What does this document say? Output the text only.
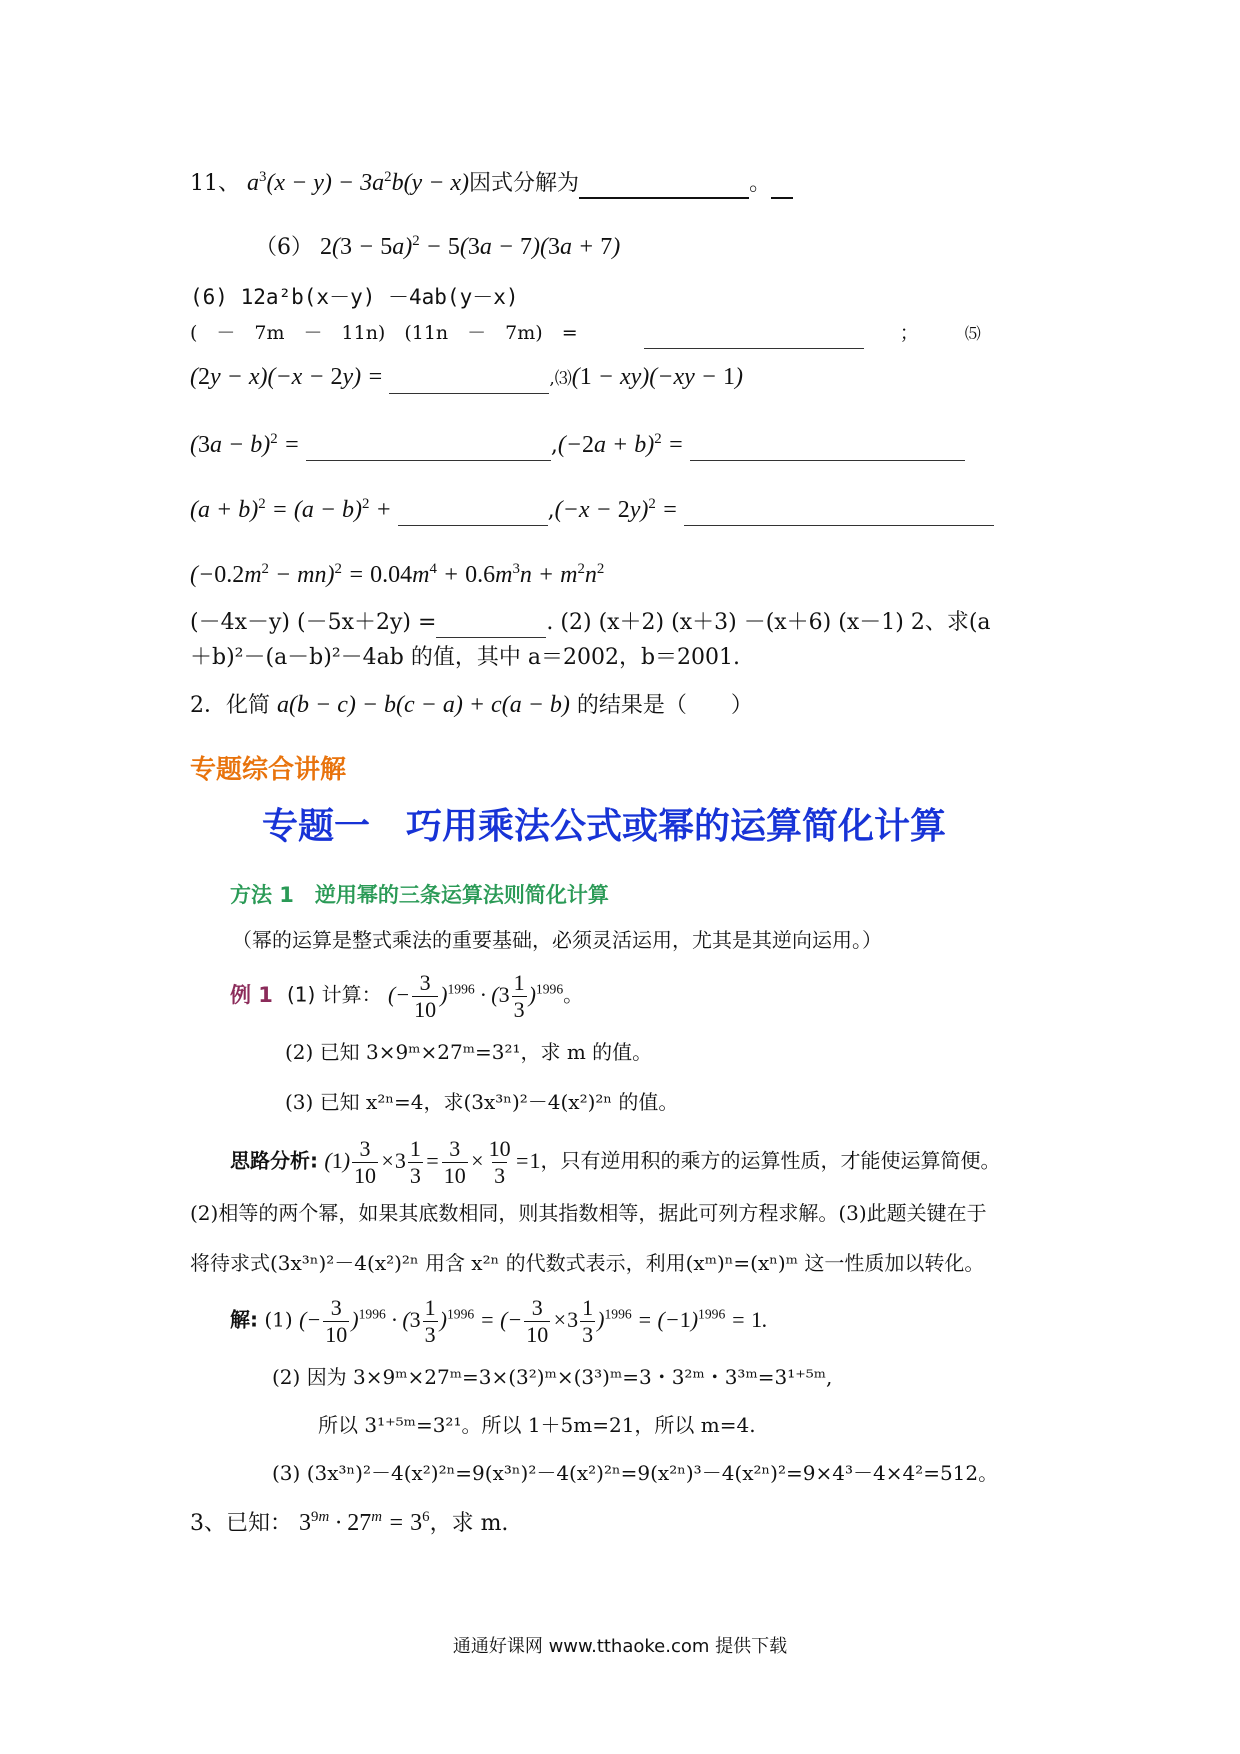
11、 $a^3(x - y) - 3a^2b(y - x)$因式分解为	。
（6） $2(3 - 5a)^2 - 5(3a - 7)(3a + 7)$
(6) 12a²b(x－y) －4ab(y－x)
(　－　7m　－　11n)　(11n　－　7m)　=	；	⑸
(2y − x)(−x − 2y) =	,⑶(1 − xy)(−xy − 1)
$(3a - b)^2$ =	$,(-2a + b)^2$ =
$(a + b)^2 = (a - b)^2$ +	$,(-x - 2y)^2$ =
$(-0.2m^2 - mn)^2 = 0.04m^4 + 0.6m^3n + m^2n^2$
(－4x－y) (－5x＋2y) =	. (2) (x＋2) (x＋3) －(x＋6) (x－1) 2、求(a
＋b)²－(a－b)²－4ab 的值，其中 a＝2002，b＝2001.
2．化简 a(b − c) − b(c − a) + c(a − b) 的结果是（　　）
专题综合讲解
专题一　巧用乘法公式或幂的运算简化计算
方法 1　逆用幂的三条运算法则简化计算
（幂的运算是整式乘法的重要基础，必须灵活运用，尤其是其逆向运用。）
例 1 (1) 计算： (− $\frac{3}{10} )^{1996} \cdot (3 \frac{1}{3} )^{1996}$。
(2) 已知 3×9ᵐ×27ᵐ=3²¹，求 m 的值。
(3) 已知 x²ⁿ=4，求(3x³ⁿ)²－4(x²)²ⁿ 的值。
思路分析: $(1) \frac{3}{10} \times 3 \frac{1}{3} = \frac{3}{10} \times \frac{10}{3} =1$，只有逆用积的乘方的运算性质，才能使运算简便。
(2)相等的两个幂，如果其底数相同，则其指数相等，据此可列方程求解。(3)此题关键在于
将待求式(3x³ⁿ)²－4(x²)²ⁿ 用含 x²ⁿ 的代数式表示，利用(xᵐ)ⁿ=(xⁿ)ᵐ 这一性质加以转化。
解: (1) (− $\frac{3}{10} )^{1996} \cdot (3 \frac{1}{3} )^{1996}$ = (− $\frac{3}{10} \times 3 \frac{1}{3} )^{1996} = (-1)^{1996} = 1$.
(2) 因为 3×9ᵐ×27ᵐ=3×(3²)ᵐ×(3³)ᵐ=3・3²ᵐ・3³ᵐ=3¹⁺⁵ᵐ,
所以 3¹⁺⁵ᵐ=3²¹。所以 1＋5m=21，所以 m=4.
(3) (3x³ⁿ)²－4(x²)²ⁿ=9(x³ⁿ)²－4(x²)²ⁿ=9(x²ⁿ)³－4(x²ⁿ)²=9×4³－4×4²=512。
3、已知： $3^{9m} \cdot 27^m = 3^6$，求 m.
通通好课网 www.tthaoke.com 提供下载
